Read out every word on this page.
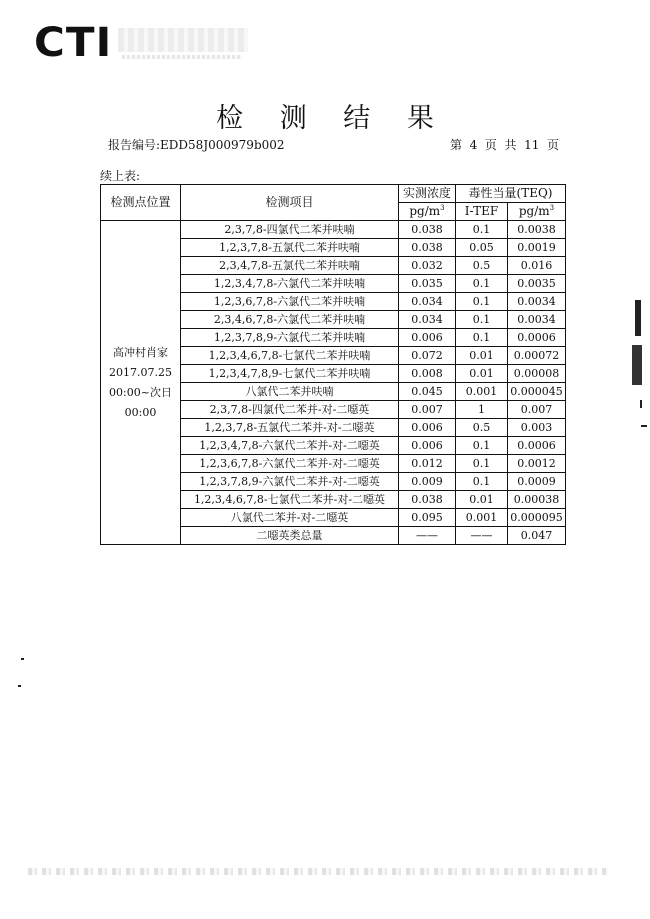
CTI
检 测 结 果
报告编号:EDD58J000979b002	第  4  页  共  11  页
续上表:
检测点位置	检测项目	实测浓度	毒性当量(TEQ)	
		$pg/m^3$	I-TEF	$pg/m^3$

高冲村肖家
2017.07.25
00:00~次日
00:00	2,3,7,8-四氯代二苯并呋喃	0.038	0.1	0.0038
	1,2,3,7,8-五氯代二苯并呋喃	0.038	0.05	0.0019
	2,3,4,7,8-五氯代二苯并呋喃	0.032	0.5	0.016
	1,2,3,4,7,8-六氯代二苯并呋喃	0.035	0.1	0.0035
	1,2,3,6,7,8-六氯代二苯并呋喃	0.034	0.1	0.0034
	2,3,4,6,7,8-六氯代二苯并呋喃	0.034	0.1	0.0034
	1,2,3,7,8,9-六氯代二苯并呋喃	0.006	0.1	0.0006
	1,2,3,4,6,7,8-七氯代二苯并呋喃	0.072	0.01	0.00072
	1,2,3,4,7,8,9-七氯代二苯并呋喃	0.008	0.01	0.00008
	八氯代二苯并呋喃	0.045	0.001	0.000045
	2,3,7,8-四氯代二苯并-对-二噁英	0.007	1	0.007
	1,2,3,7,8-五氯代二苯并-对-二噁英	0.006	0.5	0.003
	1,2,3,4,7,8-六氯代二苯并-对-二噁英	0.006	0.1	0.0006
	1,2,3,6,7,8-六氯代二苯并-对-二噁英	0.012	0.1	0.0012
	1,2,3,7,8,9-六氯代二苯并-对-二噁英	0.009	0.1	0.0009
	1,2,3,4,6,7,8-七氯代二苯并-对-二噁英	0.038	0.01	0.00038
	八氯代二苯并-对-二噁英	0.095	0.001	0.000095
	二噁英类总量	——	——	0.047
